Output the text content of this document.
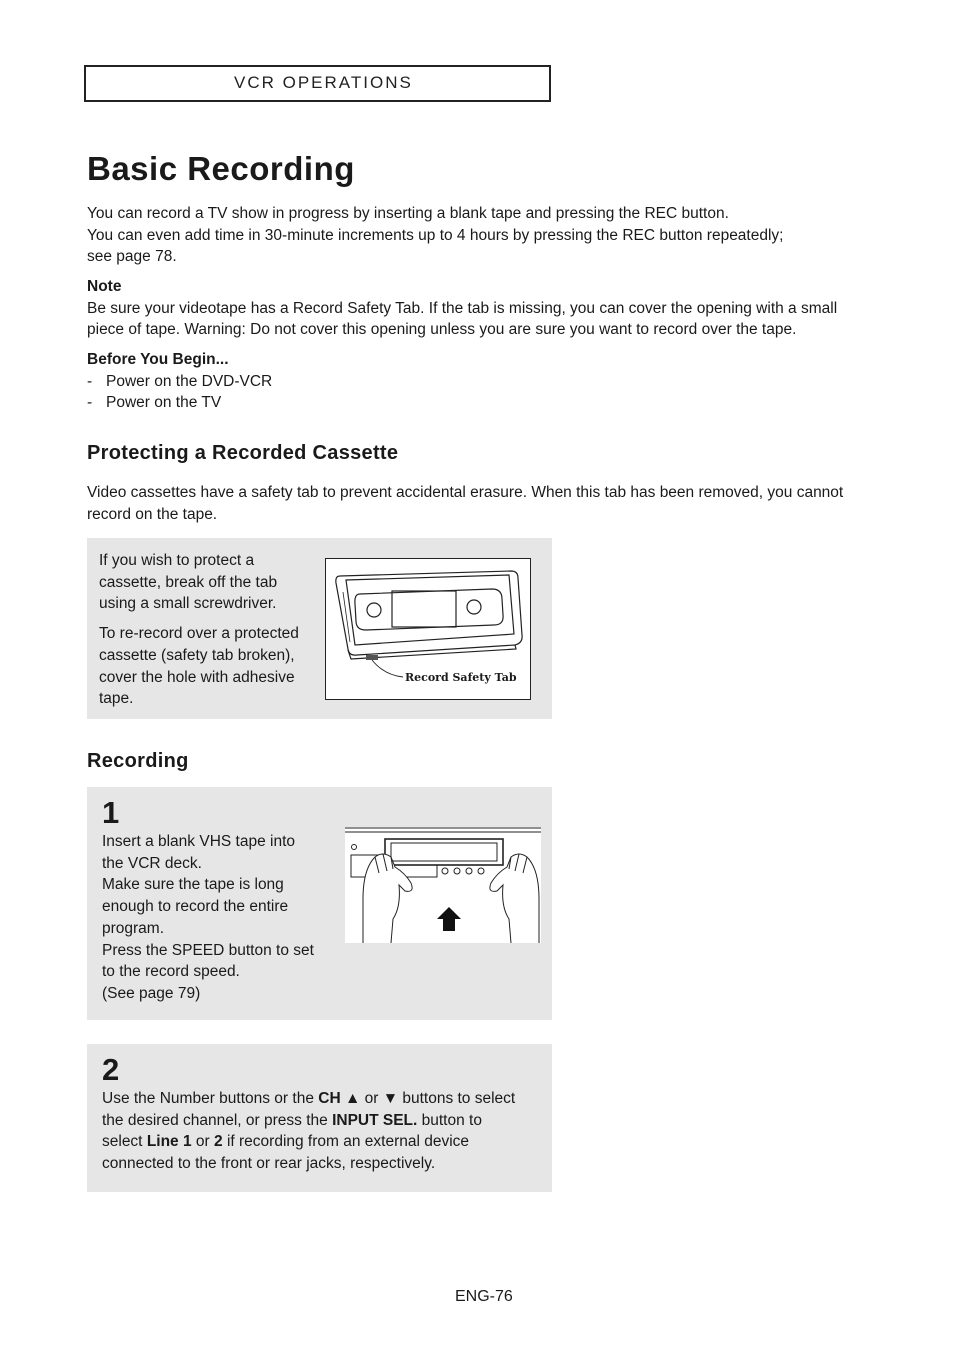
VCR OPERATIONS
Basic Recording
You can record a TV show in progress by inserting a blank tape and pressing the REC button.
You can even add time in 30-minute increments up to 4 hours by pressing the REC button repeatedly;
see page 78.
Note
Be sure your videotape has a Record Safety Tab. If the tab is missing, you can cover the opening with a small
piece of tape. Warning: Do not cover this opening unless you are sure you want to record over the tape.
Before You Begin...
- Power on the DVD-VCR
- Power on the TV
Protecting a Recorded Cassette
Video cassettes have a safety tab to prevent accidental erasure. When this tab has been removed, you cannot
record on the tape.
If you wish to protect a
cassette, break off the tab
using a small screwdriver.
To re-record over a protected
cassette (safety tab broken),
cover the hole with adhesive
tape.
Record Safety Tab
Recording
1
Insert a blank VHS tape into
the VCR deck.
Make sure the tape is long
enough to record the entire
program.
Press the SPEED button to set
to the record speed.
(See page 79)
2
Use the Number buttons or the CH ▲ or ▼ buttons to select
the desired channel, or press the INPUT SEL. button to
select Line 1 or 2 if recording from an external device
connected to the front or rear jacks, respectively.
ENG-76
